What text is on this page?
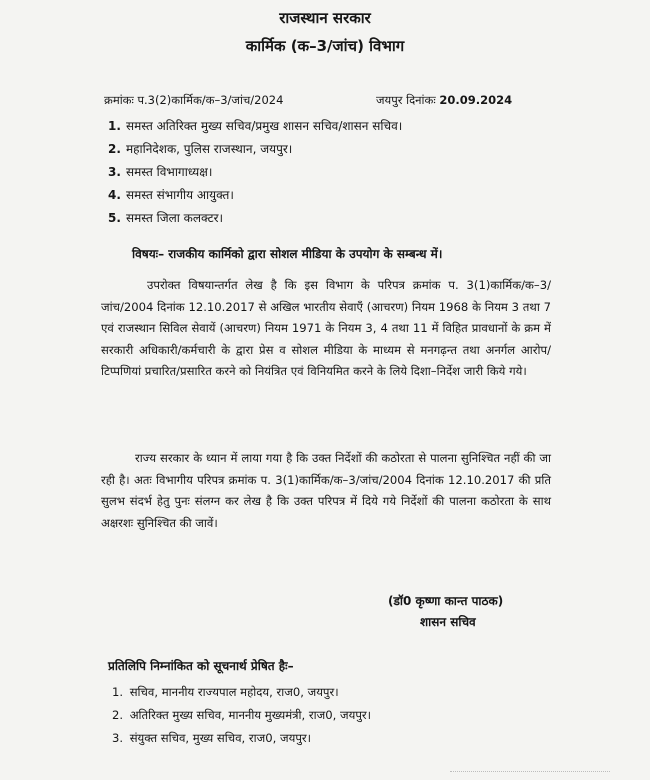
राजस्थान सरकार
कार्मिक (क–3/जांच) विभाग
क्रमांकः प.3(2)कार्मिक/क–3/जांच/2024	जयपुर दिनांकः 20.09.2024
1. समस्त अतिरिक्त मुख्य सचिव/प्रमुख शासन सचिव/शासन सचिव।
2. महानिदेशक, पुलिस राजस्थान, जयपुर।
3. समस्त विभागाध्यक्ष।
4. समस्त संभागीय आयुक्त।
5. समस्त जिला कलक्टर।
विषयः– राजकीय कार्मिको द्वारा सोशल मीडिया के उपयोग के सम्बन्ध में।

उपरोक्त विषयान्तर्गत लेख है कि इस विभाग के परिपत्र क्रमांक प. 3(1)कार्मिक/क–3/जांच/2004 दिनांक 12.10.2017 से अखिल भारतीय सेवाएँ (आचरण) नियम 1968 के नियम 3 तथा 7 एवं राजस्थान सिविल सेवायें (आचरण) नियम 1971 के नियम 3, 4 तथा 11 में विहित प्रावधानों के क्रम में सरकारी अधिकारी/कर्मचारी के द्वारा प्रेस व सोशल मीडिया के माध्यम से मनगढ़न्त तथा अनर्गल आरोप/टिप्पणियां प्रचारित/प्रसारित करने को नियंत्रित एवं विनियमित करने के लिये दिशा–निर्देश जारी किये गये।

राज्य सरकार के ध्यान में लाया गया है कि उक्त निर्देशों की कठोरता से पालना सुनिश्चित नहीं की जा रही है। अतः विभागीय परिपत्र क्रमांक प. 3(1)कार्मिक/क–3/जांच/2004 दिनांक 12.10.2017 की प्रति सुलभ संदर्भ हेतु पुनः संलग्न कर लेख है कि उक्त परिपत्र में दिये गये निर्देशों की पालना कठोरता के साथ अक्षरशः सुनिश्चित की जावें।

(डॉ0 कृष्णा कान्त पाठक)
शासन सचिव
प्रतिलिपि निम्नांकित को सूचनार्थ प्रेषित हैः–
1. सचिव, माननीय राज्यपाल महोदय, राज0, जयपुर।
2. अतिरिक्त मुख्य सचिव, माननीय मुख्यमंत्री, राज0, जयपुर।
3. संयुक्त सचिव, मुख्य सचिव, राज0, जयपुर।
